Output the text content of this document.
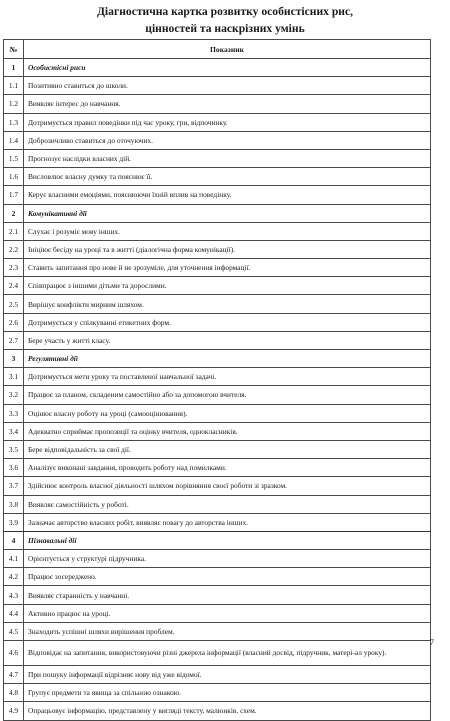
Діагностична картка розвитку особистісних рис,
цінностей та наскрізних умінь
№	Показник
1	Особистісні риси
1.1	Позитивно ставиться до школи.
1.2	Виявляє інтерес до навчання.
1.3	Дотримується правил поведінки під час уроку, гри, відпочинку.
1.4	Доброзичливо ставиться до оточуючих.
1.5	Прогнозує наслідки власних дій.
1.6	Висловлює власну думку та пояснює її.
1.7	Керує власними емоціями, пояснюючи їхній вплив на поведінку.
2	Комунікативні дії
2.1	Слухає і розуміє мову інших.
2.2	Ініціює бесіду на уроці та в житті (діалогічна форма комунікації).
2.3	Ставить запитання про нове й не зрозуміле, для уточнення інформації.
2.4	Співпрацює з іншими дітьми та дорослими.
2.5	Вирішує конфлікти мирним шляхом.
2.6	Дотримується у спілкуванні етикетних форм.
2.7	Бере участь у житті класу.
3	Регулятивні дії
3.1	Дотримується мети уроку та поставленої навчальної задачі.
3.2	Працює за планом, складеним самостійно або за допомогою вчителя.
3.3	Оцінює власну роботу на уроці (самооцінювання).
3.4	Адекватно сприймає пропозиції та оцінку вчителя, однокласників.
3.5	Бере відповідальність за свої дії.
3.6	Аналізує виконані завдання, проводить роботу над помилками.
3.7	Здійснює контроль власної діяльності шляхом порівняння своєї роботи зі зразком.
3.8	Виявляє самостійність у роботі.
3.9	Зазначає авторство власних робіт, виявляє повагу до авторства інших.
4	Пізнавальні дії
4.1	Орієнтується у структурі підручника.
4.2	Працює зосереджено.
4.3	Виявляє старанність у навчанні.
4.4	Активно працює на уроці.
4.5	Знаходить успішні шляхи вирішення проблем.
4.6	Відповідає на запитання, використовуючи різні джерела інформації (власний досвід, підручник, матері-ал уроку).
4.7	При пошуку інформації відрізняє нову від уже відомої.
4.8	Групує предмети та явища за спільною ознакою.
4.9	Опрацьовує інформацію, представлену у вигляді тексту, малюнків, схем.
7
